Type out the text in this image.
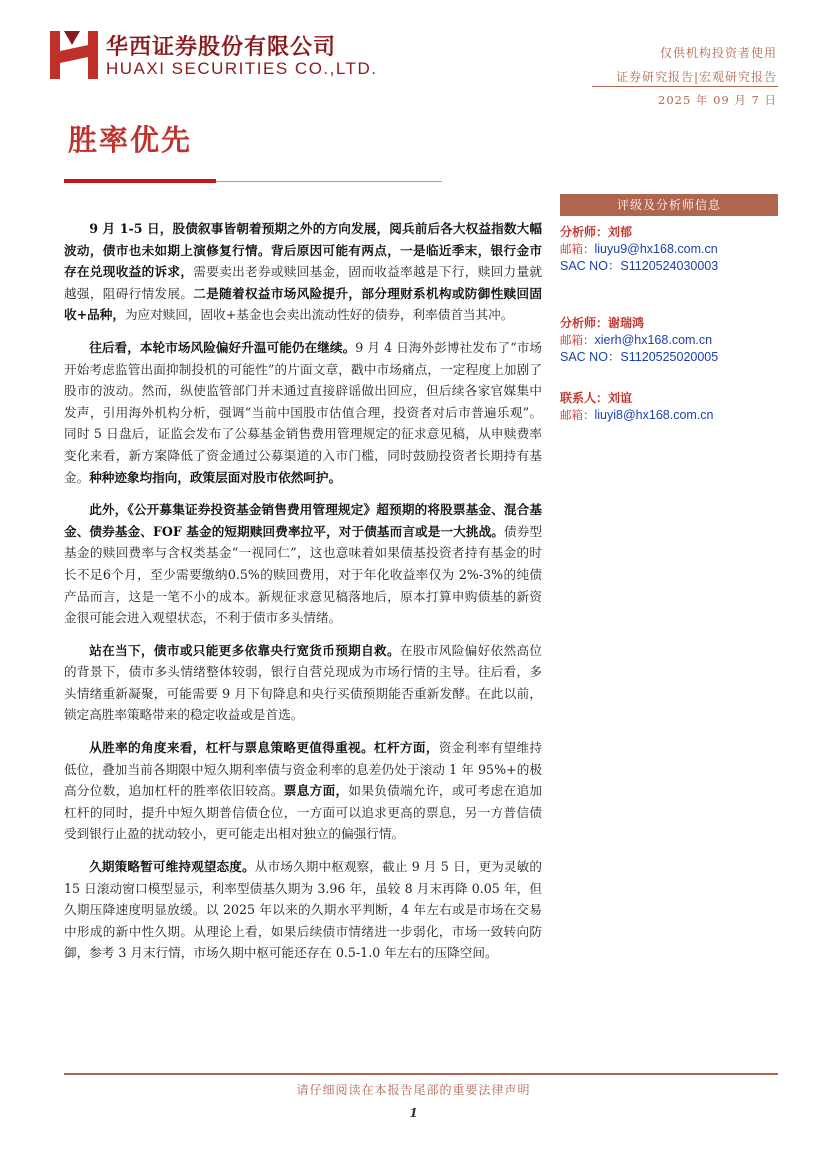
华西证券股份有限公司
HUAXI SECURITIES CO.,LTD.
仅供机构投资者使用
证券研究报告|宏观研究报告
2025 年 09 月 7 日
胜率优先

9 月 1-5 日，股债叙事皆朝着预期之外的方向发展，阅兵前后各大权益指数大幅波动，债市也未如期上演修复行情。背后原因可能有两点，一是临近季末，银行金市存在兑现收益的诉求，需要卖出老券或赎回基金，固而收益率越是下行，赎回力量就越强，阻碍行情发展。二是随着权益市场风险提升，部分理财系机构或防御性赎回固收+品种，为应对赎回，固收+基金也会卖出流动性好的债券，利率债首当其冲。

往后看，本轮市场风险偏好升温可能仍在继续。9 月 4 日海外彭博社发布了“市场开始考虑监管出面抑制投机的可能性”的片面文章，戳中市场痛点，一定程度上加剧了股市的波动。然而，纵使监管部门并未通过直接辟谣做出回应，但后续各家官媒集中发声，引用海外机构分析，强调“当前中国股市估值合理，投资者对后市普遍乐观”。同时 5 日盘后，证监会发布了公募基金销售费用管理规定的征求意见稿，从申赎费率变化来看，新方案降低了资金通过公募渠道的入市门槛，同时鼓励投资者长期持有基金。种种迹象均指向，政策层面对股市依然呵护。

此外，《公开募集证券投资基金销售费用管理规定》超预期的将股票基金、混合基金、债券基金、FOF 基金的短期赎回费率拉平，对于债基而言或是一大挑战。债券型基金的赎回费率与含权类基金“一视同仁”，这也意味着如果债基投资者持有基金的时长不足6个月，至少需要缴纳0.5%的赎回费用，对于年化收益率仅为 2%-3%的纯债产品而言，这是一笔不小的成本。新规征求意见稿落地后，原本打算申购债基的新资金很可能会进入观望状态，不利于债市多头情绪。

站在当下，债市或只能更多依靠央行宽货币预期自救。在股市风险偏好依然高位的背景下，债市多头情绪整体较弱，银行自营兑现成为市场行情的主导。往后看，多头情绪重新凝聚，可能需要 9 月下旬降息和央行买债预期能否重新发酵。在此以前，锁定高胜率策略带来的稳定收益或是首选。

从胜率的角度来看，杠杆与票息策略更值得重视。杠杆方面，资金利率有望维持低位，叠加当前各期限中短久期利率债与资金利率的息差仍处于滚动 1 年 95%+的极高分位数，追加杠杆的胜率依旧较高。票息方面，如果负债端允许，或可考虑在追加杠杆的同时，提升中短久期普信债仓位，一方面可以追求更高的票息，另一方普信债受到银行止盈的扰动较小，更可能走出相对独立的偏强行情。

久期策略暂可维持观望态度。从市场久期中枢观察，截止 9 月 5 日，更为灵敏的 15 日滚动窗口模型显示，利率型债基久期为 3.96 年，虽较 8 月末再降 0.05 年，但久期压降速度明显放缓。以 2025 年以来的久期水平判断，4 年左右或是市场在交易中形成的新中性久期。从理论上看，如果后续债市情绪进一步弱化，市场一致转向防御，参考 3 月末行情，市场久期中枢可能还存在 0.5-1.0 年左右的压降空间。

评级及分析师信息
分析师：刘郁
邮箱：liuyu9@hx168.com.cn
SAC NO：S1120524030003
分析师：谢瑞鸿
邮箱：xierh@hx168.com.cn
SAC NO：S1120525020005
联系人：刘谊
邮箱：liuyi8@hx168.com.cn
请仔细阅读在本报告尾部的重要法律声明
1
